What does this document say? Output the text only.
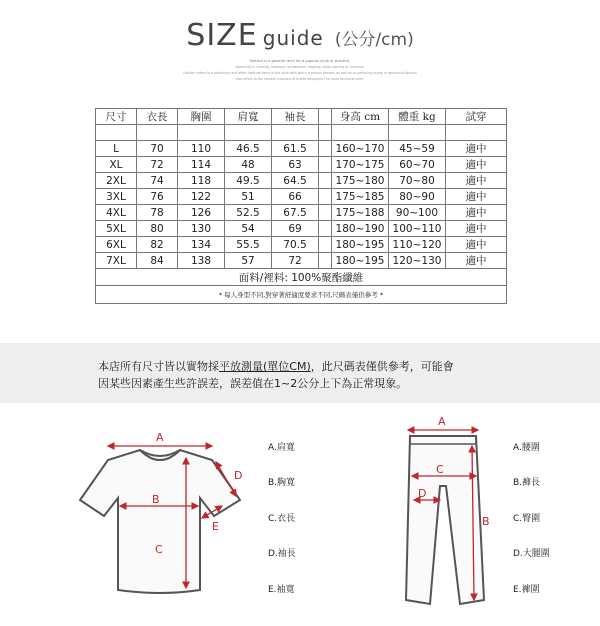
SIZE guide (公分/cm)
Fashion is a general term for a popular style or practice,
especially in clothing, footwear, accessories, makeup, body piercing or furniture.
Fashion refers to a distinctive and often habitual trend in the style with which a person dresses as well as to prevailing styles in behaviour.Fashion
also refers to the newest creations of textile designers.The more technical term.
尺寸	衣長	胸圍	肩寬	袖長		身高 cm	體重 kg	試穿

L	70	110	46.5	61.5		160~170	45~59	適中
XL	72	114	48	63		170~175	60~70	適中
2XL	74	118	49.5	64.5		175~180	70~80	適中
3XL	76	122	51	66		175~185	80~90	適中
4XL	78	126	52.5	67.5		175~188	90~100	適中
5XL	80	130	54	69		180~190	100~110	適中
6XL	82	134	55.5	70.5		180~195	110~120	適中
7XL	84	138	57	72		180~195	120~130	適中
面料/裡料: 100%聚酯纖維								
* 每人身型不同,對穿著舒適度要求不同,尺碼表僅供參考 *								

本店所有尺寸皆以實物採平放測量(單位CM)，此尺碼表僅供參考，可能會
因某些因素產生些許誤差，誤差值在1~2公分上下為正常現象。

A
B
C
D
E
A
B
C
D
A.肩寬
B.胸寬
C.衣長
D.袖長
E.袖寬
A.腰圍
B.褲長
C.臀圍
D.大腿圍
E.褲圍
